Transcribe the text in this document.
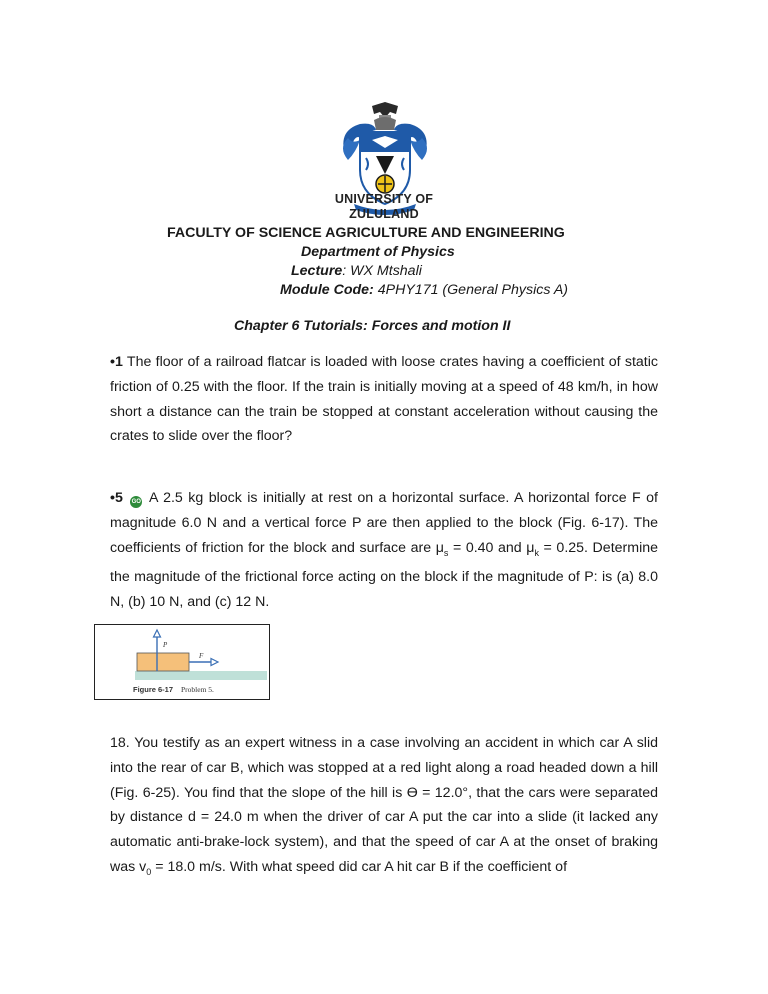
UNIVERSITY OF
ZULULAND
FACULTY OF SCIENCE AGRICULTURE AND ENGINEERING
Department of Physics
Lecture: WX Mtshali
Module Code: 4PHY171 (General Physics A)
Chapter 6 Tutorials: Forces and motion II
•1 The floor of a railroad flatcar is loaded with loose crates having a coefficient of static friction of 0.25 with the floor. If the train is initially moving at a speed of 48 km/h, in how short a distance can the train be stopped at constant acceleration without causing the crates to slide over the floor?
•5 GO A 2.5 kg block is initially at rest on a horizontal surface. A horizontal force F of magnitude 6.0 N and a vertical force P are then applied to the block (Fig. 6-17). The coefficients of friction for the block and surface are $\mu_s = 0.40$ and $\mu_k = 0.25$. Determine the magnitude of the frictional force acting on the block if the magnitude of P: is (a) 8.0 N, (b) 10 N, and (c) 12 N.
P
F
Figure 6-17 Problem 5.
18. You testify as an expert witness in a case involving an accident in which car A slid into the rear of car B, which was stopped at a red light along a road headed down a hill (Fig. 6-25). You find that the slope of the hill is ϴ = 12.0°, that the cars were separated by distance d = 24.0 m when the driver of car A put the car into a slide (it lacked any automatic anti-brake-lock system), and that the speed of car A at the onset of braking was $v_0 = 18.0$ m/s. With what speed did car A hit car B if the coefficient of
